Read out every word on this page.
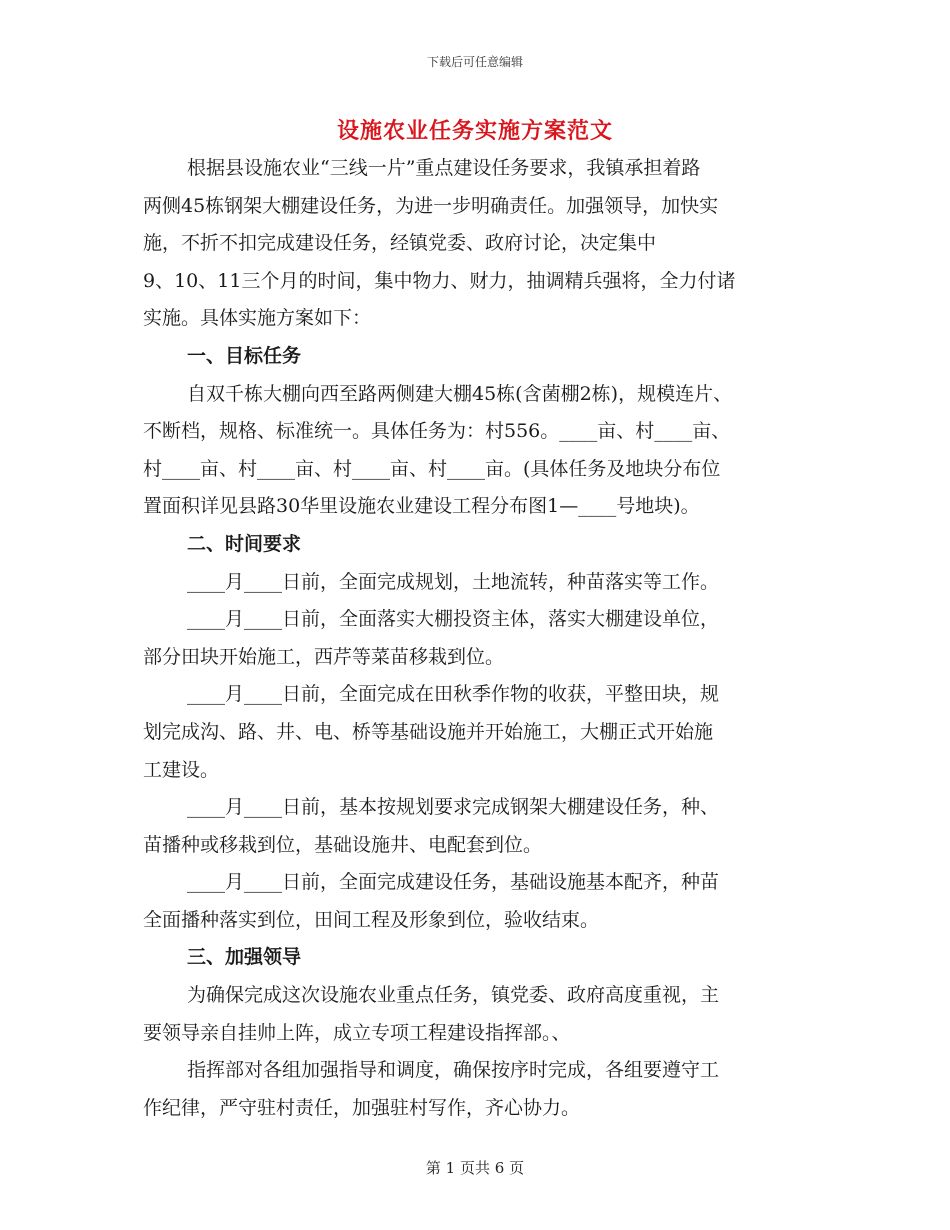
下载后可任意编辑
设施农业任务实施方案范文

根据县设施农业“三线一片”重点建设任务要求，我镇承担着路
两侧45栋钢架大棚建设任务，为进一步明确责任。加强领导，加快实
施，不折不扣完成建设任务，经镇党委、政府讨论，决定集中
9、10、11三个月的时间，集中物力、财力，抽调精兵强将，全力付诸
实施。具体实施方案如下：

一、目标任务

自双千栋大棚向西至路两侧建大棚45栋(含菌棚2栋)，规模连片、
不断档，规格、标准统一。具体任务为：村556。____亩、村____亩、
村____亩、村____亩、村____亩、村____亩。(具体任务及地块分布位
置面积详见县路30华里设施农业建设工程分布图1—____号地块)。

二、时间要求

____月____日前，全面完成规划，土地流转，种苗落实等工作。

____月____日前，全面落实大棚投资主体，落实大棚建设单位，
部分田块开始施工，西芹等菜苗移栽到位。

____月____日前，全面完成在田秋季作物的收获，平整田块，规
划完成沟、路、井、电、桥等基础设施并开始施工，大棚正式开始施
工建设。

____月____日前，基本按规划要求完成钢架大棚建设任务，种、
苗播种或移栽到位，基础设施井、电配套到位。

____月____日前，全面完成建设任务，基础设施基本配齐，种苗
全面播种落实到位，田间工程及形象到位，验收结束。

三、加强领导

为确保完成这次设施农业重点任务，镇党委、政府高度重视，主
要领导亲自挂帅上阵，成立专项工程建设指挥部。、

指挥部对各组加强指导和调度，确保按序时完成，各组要遵守工
作纪律，严守驻村责任，加强驻村写作，齐心协力。

第 1 页共 6 页
